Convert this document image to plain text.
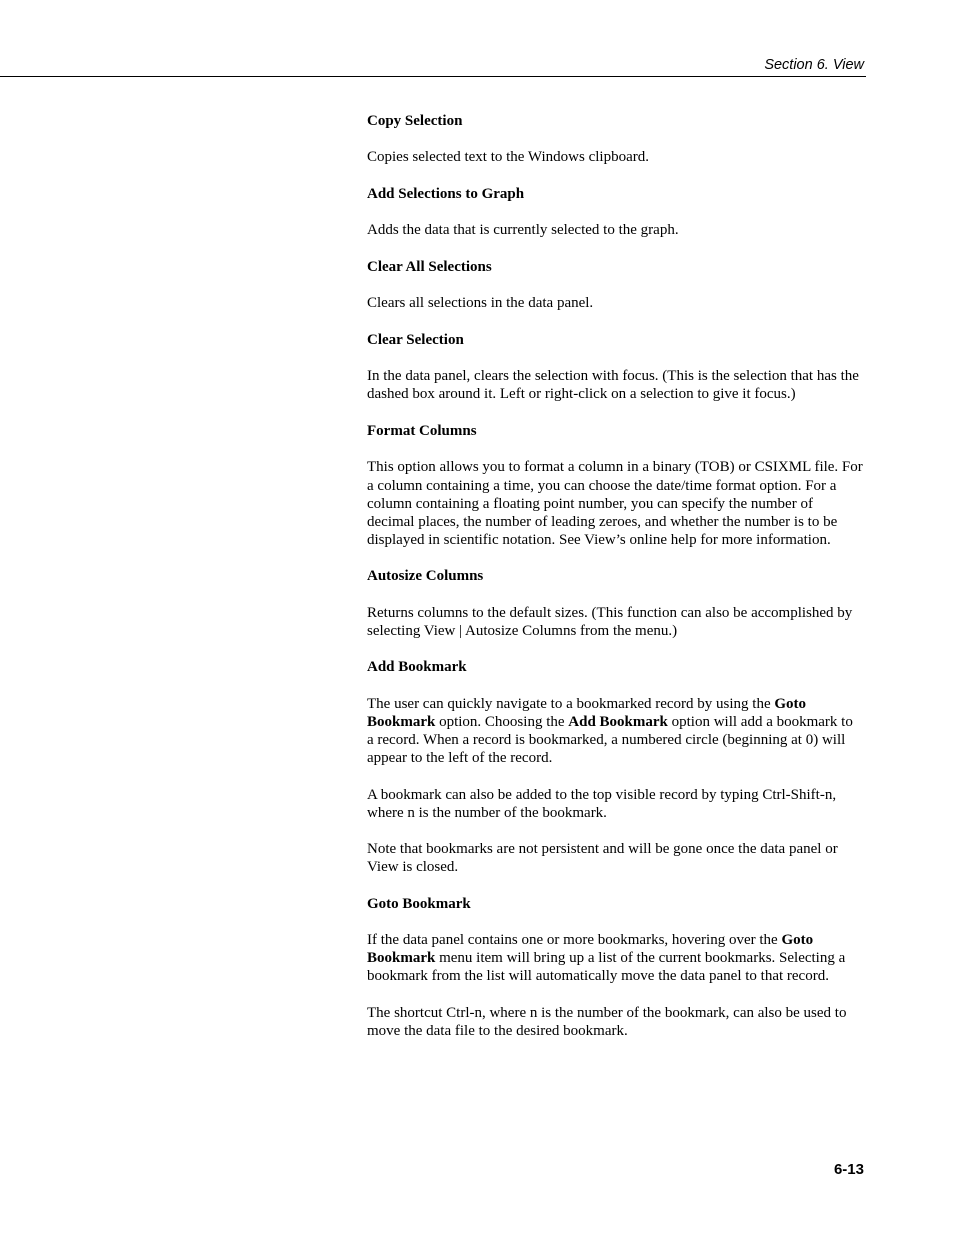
Section 6. View
Copy Selection

Copies selected text to the Windows clipboard.

Add Selections to Graph

Adds the data that is currently selected to the graph.

Clear All Selections

Clears all selections in the data panel.

Clear Selection

In the data panel, clears the selection with focus. (This is the selection that has the dashed box around it. Left or right-click on a selection to give it focus.)

Format Columns

This option allows you to format a column in a binary (TOB) or CSIXML file. For a column containing a time, you can choose the date/time format option. For a column containing a floating point number, you can specify the number of decimal places, the number of leading zeroes, and whether the number is to be displayed in scientific notation. See View’s online help for more information.

Autosize Columns

Returns columns to the default sizes. (This function can also be accomplished by selecting View | Autosize Columns from the menu.)

Add Bookmark

The user can quickly navigate to a bookmarked record by using the Goto Bookmark option. Choosing the Add Bookmark option will add a bookmark to a record. When a record is bookmarked, a numbered circle (beginning at 0) will appear to the left of the record.

A bookmark can also be added to the top visible record by typing Ctrl-Shift-n, where n is the number of the bookmark.

Note that bookmarks are not persistent and will be gone once the data panel or View is closed.

Goto Bookmark

If the data panel contains one or more bookmarks, hovering over the Goto Bookmark menu item will bring up a list of the current bookmarks. Selecting a bookmark from the list will automatically move the data panel to that record.

The shortcut Ctrl-n, where n is the number of the bookmark, can also be used to move the data file to the desired bookmark.

6-13
